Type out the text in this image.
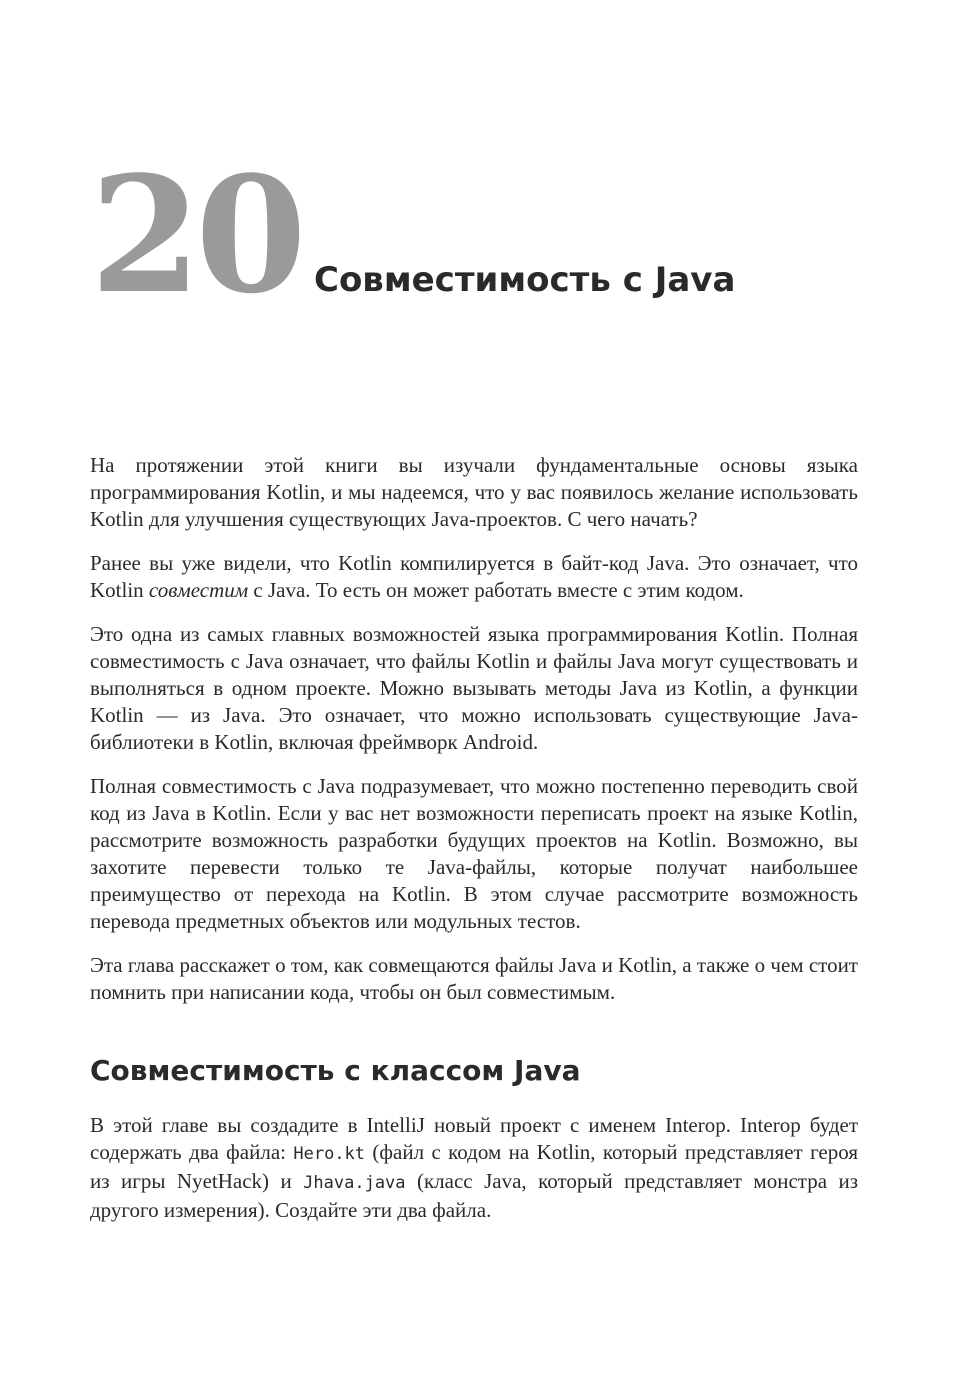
20 Совместимость с Java

На протяжении этой книги вы изучали фундаментальные основы языка программирования Kotlin, и мы надеемся, что у вас появилось желание использовать Kotlin для улучшения существующих Java-проектов. С чего начать?

Ранее вы уже видели, что Kotlin компилируется в байт-код Java. Это означает, что Kotlin совместим с Java. То есть он может работать вместе с этим кодом.

Это одна из самых главных возможностей языка программирования Kotlin. Полная совместимость с Java означает, что файлы Kotlin и файлы Java могут существовать и выполняться в одном проекте. Можно вызывать методы Java из Kotlin, а функции Kotlin — из Java. Это означает, что можно использовать существующие Java-библиотеки в Kotlin, включая фреймворк Android.

Полная совместимость с Java подразумевает, что можно постепенно переводить свой код из Java в Kotlin. Если у вас нет возможности переписать проект на языке Kotlin, рассмотрите возможность разработки будущих проектов на Kotlin. Возможно, вы захотите перевести только те Java-файлы, которые получат наибольшее преимущество от перехода на Kotlin. В этом случае рассмотрите возможность перевода предметных объектов или модульных тестов.

Эта глава расскажет о том, как совмещаются файлы Java и Kotlin, а также о чем стоит помнить при написании кода, чтобы он был совместимым.

Совместимость с классом Java

В этой главе вы создадите в IntelliJ новый проект с именем Interop. Interop будет содержать два файла: Hero.kt (файл с кодом на Kotlin, который представляет героя из игры NyetHack) и Jhava.java (класс Java, который представляет монстра из другого измерения). Создайте эти два файла.
